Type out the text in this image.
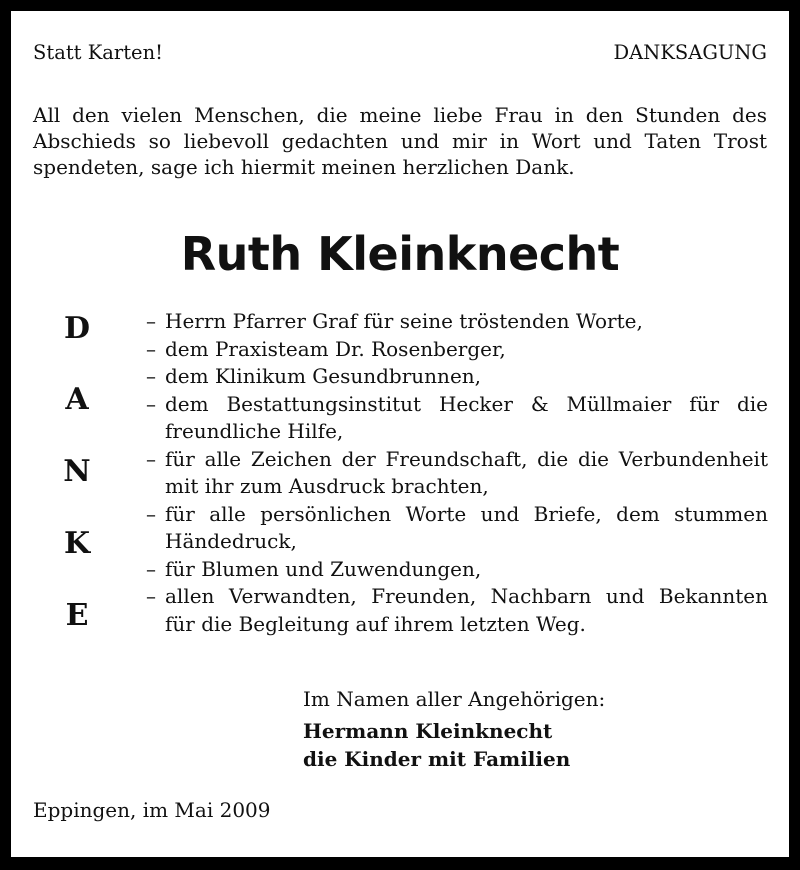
Statt Karten!	DANKSAGUNG
All den vielen Menschen, die meine liebe Frau in den Stunden des
Abschieds so liebevoll gedachten und mir in Wort und Taten Trost
spendeten, sage ich hiermit meinen herzlichen Dank.
Ruth Kleinknecht
D
A
N
K
E
– Herrn Pfarrer Graf für seine tröstenden Worte,
– dem Praxisteam Dr. Rosenberger,
– dem Klinikum Gesundbrunnen,
– dem Bestattungsinstitut Hecker & Müllmaier für die
freundliche Hilfe,
– für alle Zeichen der Freundschaft, die die Verbundenheit
mit ihr zum Ausdruck brachten,
– für alle persönlichen Worte und Briefe, dem stummen
Händedruck,
– für Blumen und Zuwendungen,
– allen Verwandten, Freunden, Nachbarn und Bekannten
für die Begleitung auf ihrem letzten Weg.
Im Namen aller Angehörigen:
Hermann Kleinknecht
die Kinder mit Familien
Eppingen, im Mai 2009
